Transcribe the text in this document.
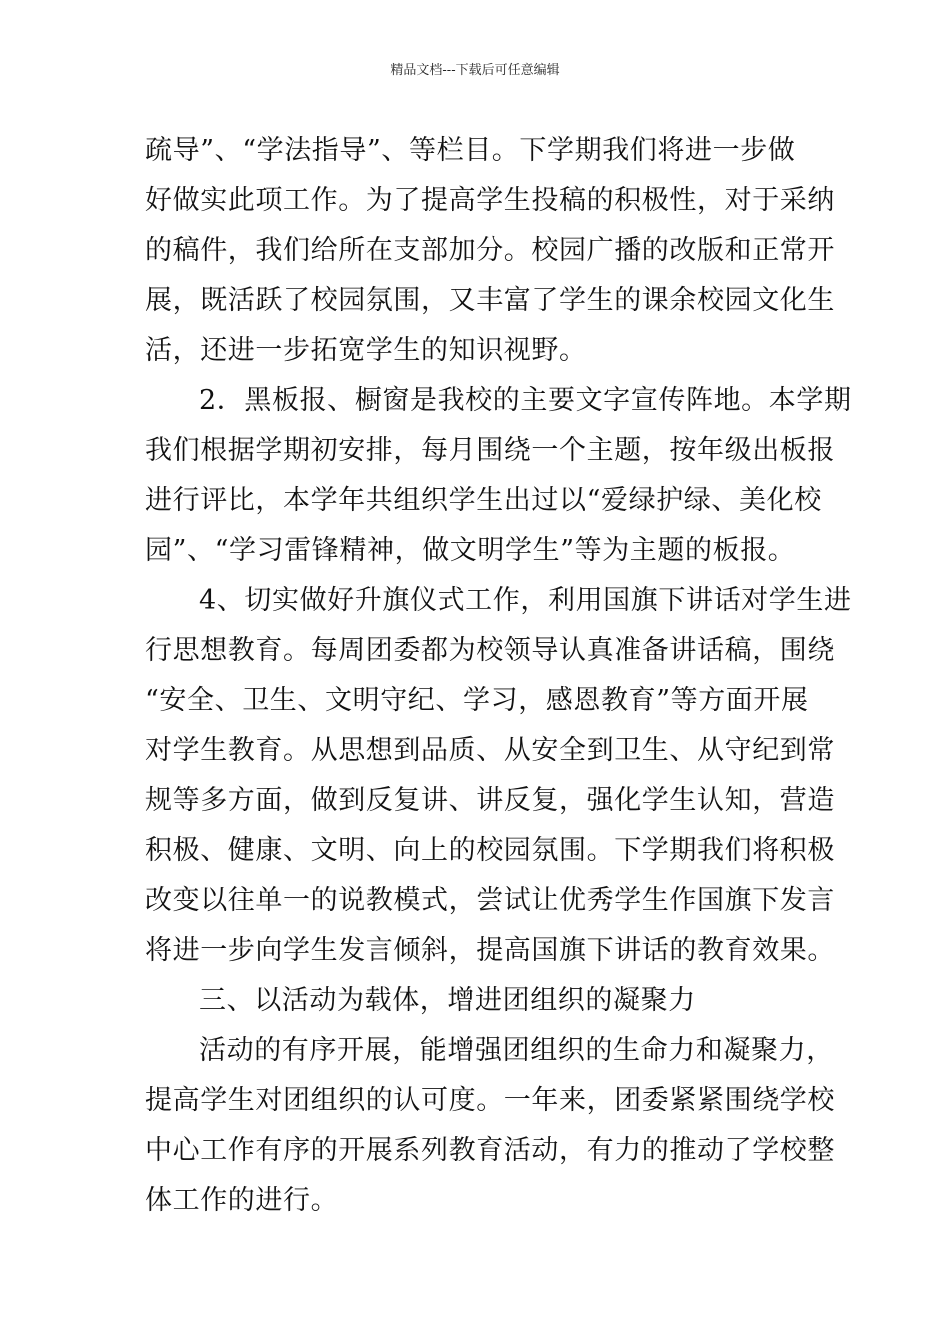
精品文档---下载后可任意编辑
疏导”、“学法指导”、等栏目。下学期我们将进一步做
好做实此项工作。为了提高学生投稿的积极性，对于采纳
的稿件，我们给所在支部加分。校园广播的改版和正常开
展，既活跃了校园氛围，又丰富了学生的课余校园文化生
活，还进一步拓宽学生的知识视野。
2．黑板报、橱窗是我校的主要文字宣传阵地。本学期
我们根据学期初安排，每月围绕一个主题，按年级出板报
进行评比，本学年共组织学生出过以“爱绿护绿、美化校
园”、“学习雷锋精神，做文明学生”等为主题的板报。
4、切实做好升旗仪式工作，利用国旗下讲话对学生进
行思想教育。每周团委都为校领导认真准备讲话稿，围绕
“安全、卫生、文明守纪、学习，感恩教育”等方面开展
对学生教育。从思想到品质、从安全到卫生、从守纪到常
规等多方面，做到反复讲、讲反复，强化学生认知，营造
积极、健康、文明、向上的校园氛围。下学期我们将积极
改变以往单一的说教模式，尝试让优秀学生作国旗下发言
将进一步向学生发言倾斜，提高国旗下讲话的教育效果。
三、以活动为载体，增进团组织的凝聚力
活动的有序开展，能增强团组织的生命力和凝聚力，
提高学生对团组织的认可度。一年来，团委紧紧围绕学校
中心工作有序的开展系列教育活动，有力的推动了学校整
体工作的进行。
